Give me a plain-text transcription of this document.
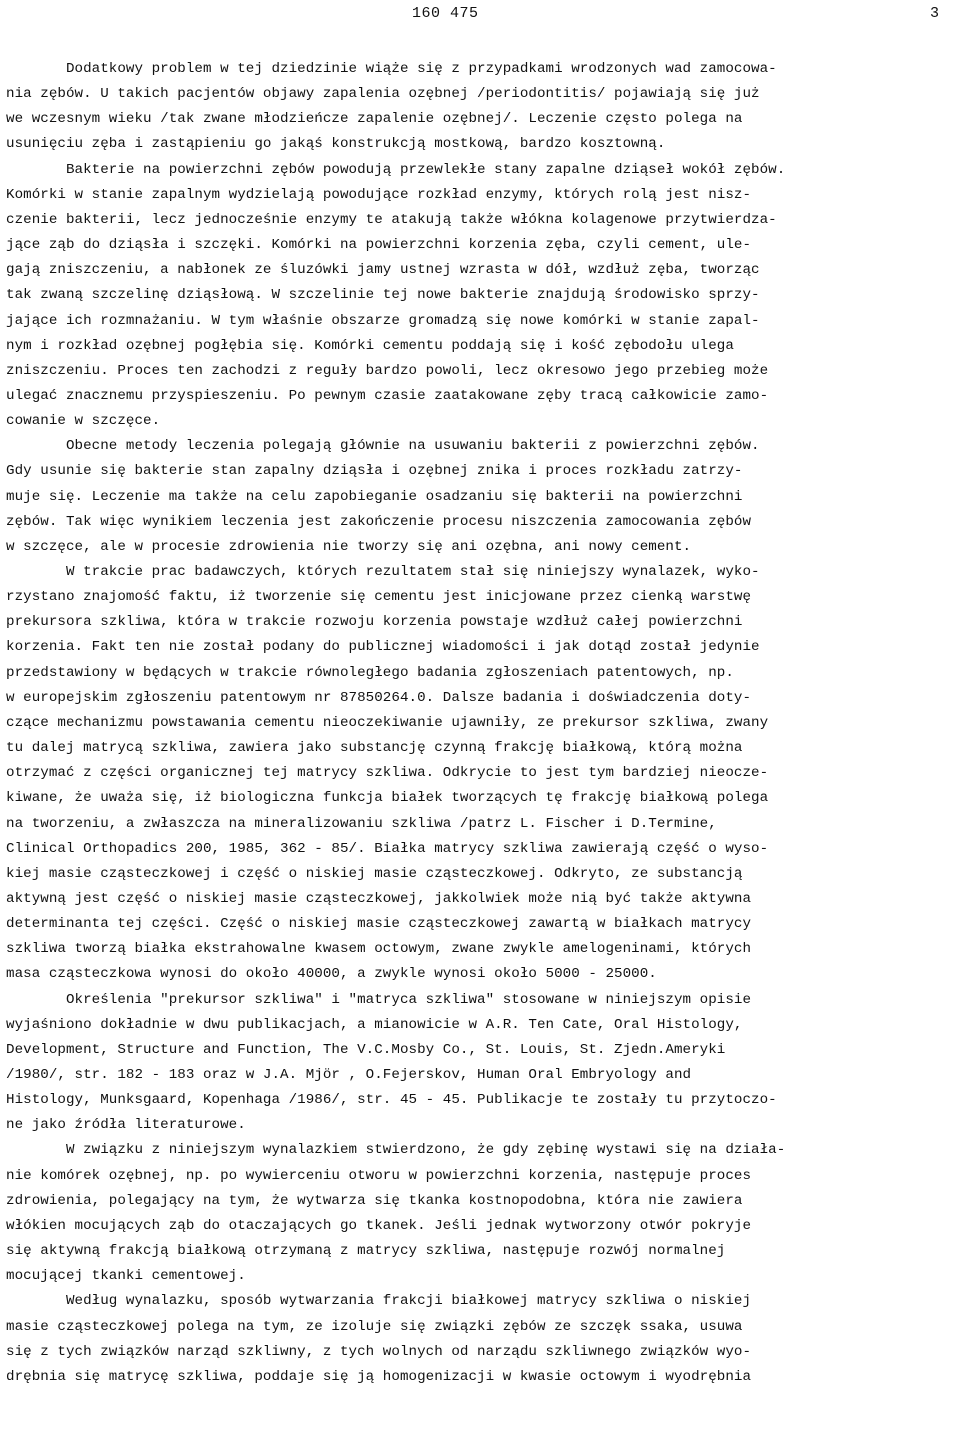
160 475	3
Dodatkowy problem w tej dziedzinie wiąże się z przypadkami wrodzonych wad zamocowa-
nia zębów. U takich pacjentów objawy zapalenia ozębnej /periodontitis/ pojawiają się już
we wczesnym wieku /tak zwane młodzieńcze zapalenie ozębnej/. Leczenie często polega na
usunięciu zęba i zastąpieniu go jakąś konstrukcją mostkową, bardzo kosztowną.
Bakterie na powierzchni zębów powodują przewlekłe stany zapalne dziąseł wokół zębów.
Komórki w stanie zapalnym wydzielają powodujące rozkład enzymy, których rolą jest nisz-
czenie bakterii, lecz jednocześnie enzymy te atakują także włókna kolagenowe przytwierdza-
jące ząb do dziąsła i szczęki. Komórki na powierzchni korzenia zęba, czyli cement, ule-
gają zniszczeniu, a nabłonek ze śluzówki jamy ustnej wzrasta w dół, wzdłuż zęba, tworząc
tak zwaną szczelinę dziąsłową. W szczelinie tej nowe bakterie znajdują środowisko sprzy-
jające ich rozmnażaniu. W tym właśnie obszarze gromadzą się nowe komórki w stanie zapal-
nym i rozkład ozębnej pogłębia się. Komórki cementu poddają się i kość zębodołu ulega
zniszczeniu. Proces ten zachodzi z reguły bardzo powoli, lecz okresowo jego przebieg może
ulegać znacznemu przyspieszeniu. Po pewnym czasie zaatakowane zęby tracą całkowicie zamo-
cowanie w szczęce.
Obecne metody leczenia polegają głównie na usuwaniu bakterii z powierzchni zębów.
Gdy usunie się bakterie stan zapalny dziąsła i ozębnej znika i proces rozkładu zatrzy-
muje się. Leczenie ma także na celu zapobieganie osadzaniu się bakterii na powierzchni
zębów. Tak więc wynikiem leczenia jest zakończenie procesu niszczenia zamocowania zębów
w szczęce, ale w procesie zdrowienia nie tworzy się ani ozębna, ani nowy cement.
W trakcie prac badawczych, których rezultatem stał się niniejszy wynalazek, wyko-
rzystano znajomość faktu, iż tworzenie się cementu jest inicjowane przez cienką warstwę
prekursora szkliwa, która w trakcie rozwoju korzenia powstaje wzdłuż całej powierzchni
korzenia. Fakt ten nie został podany do publicznej wiadomości i jak dotąd został jedynie
przedstawiony w będących w trakcie równoległego badania zgłoszeniach patentowych, np.
w europejskim zgłoszeniu patentowym nr 87850264.0. Dalsze badania i doświadczenia doty-
czące mechanizmu powstawania cementu nieoczekiwanie ujawniły, ze prekursor szkliwa, zwany
tu dalej matrycą szkliwa, zawiera jako substancję czynną frakcję białkową, którą można
otrzymać z części organicznej tej matrycy szkliwa. Odkrycie to jest tym bardziej nieocze-
kiwane, że uważa się, iż biologiczna funkcja białek tworzących tę frakcję białkową polega
na tworzeniu, a zwłaszcza na mineralizowaniu szkliwa /patrz L. Fischer i D.Termine,
Clinical Orthopadics 200, 1985, 362 - 85/. Białka matrycy szkliwa zawierają część o wyso-
kiej masie cząsteczkowej i część o niskiej masie cząsteczkowej. Odkryto, ze substancją
aktywną jest część o niskiej masie cząsteczkowej, jakkolwiek może nią być także aktywna
determinanta tej części. Część o niskiej masie cząsteczkowej zawartą w białkach matrycy
szkliwa tworzą białka ekstrahowalne kwasem octowym, zwane zwykle amelogeninami, których
masa cząsteczkowa wynosi do około 40000, a zwykle wynosi około 5000 - 25000.
Określenia "prekursor szkliwa" i "matryca szkliwa" stosowane w niniejszym opisie
wyjaśniono dokładnie w dwu publikacjach, a mianowicie w A.R. Ten Cate, Oral Histology,
Development, Structure and Function, The V.C.Mosby Co., St. Louis, St. Zjedn.Ameryki
/1980/, str. 182 - 183 oraz w J.A. Mjör , O.Fejerskov, Human Oral Embryology and
Histology, Munksgaard, Kopenhaga /1986/, str. 45 - 45. Publikacje te zostały tu przytoczo-
ne jako źródła literaturowe.
W związku z niniejszym wynalazkiem stwierdzono, że gdy zębinę wystawi się na działa-
nie komórek ozębnej, np. po wywierceniu otworu w powierzchni korzenia, następuje proces
zdrowienia, polegający na tym, że wytwarza się tkanka kostnopodobna, która nie zawiera
włókien mocujących ząb do otaczających go tkanek. Jeśli jednak wytworzony otwór pokryje
się aktywną frakcją białkową otrzymaną z matrycy szkliwa, następuje rozwój normalnej
mocującej tkanki cementowej.
Według wynalazku, sposób wytwarzania frakcji białkowej matrycy szkliwa o niskiej
masie cząsteczkowej polega na tym, ze izoluje się związki zębów ze szczęk ssaka, usuwa
się z tych związków narząd szkliwny, z tych wolnych od narządu szkliwnego związków wyo-
drębnia się matrycę szkliwa, poddaje się ją homogenizacji w kwasie octowym i wyodrębnia
